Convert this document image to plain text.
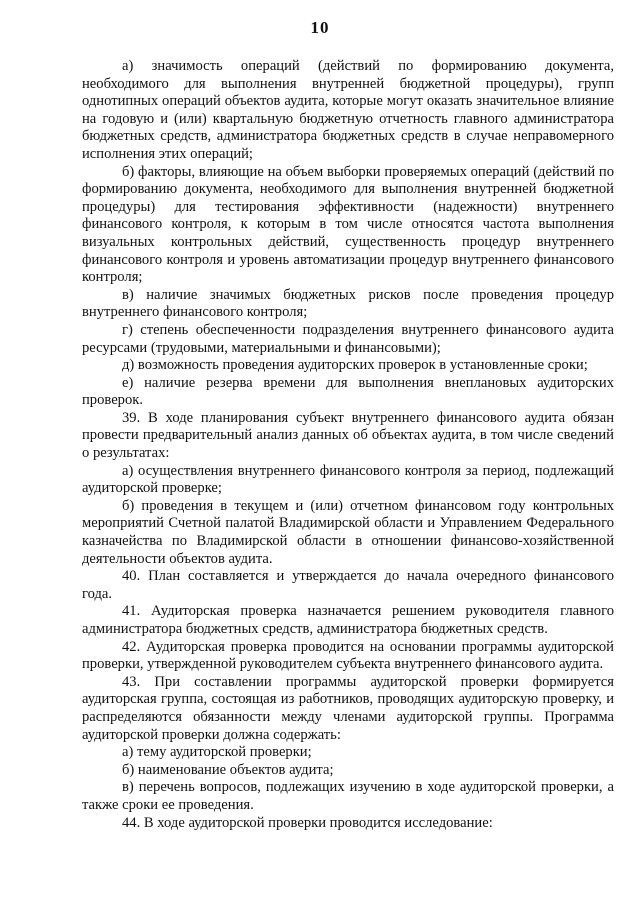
10

а) значимость операций (действий по формированию документа, необходимого для выполнения внутренней бюджетной процедуры), групп однотипных операций объектов аудита, которые могут оказать значительное влияние на годовую и (или) квартальную бюджетную отчетность главного администратора бюджетных средств, администратора бюджетных средств в случае неправомерного исполнения этих операций;

б) факторы, влияющие на объем выборки проверяемых операций (действий по формированию документа, необходимого для выполнения внутренней бюджетной процедуры) для тестирования эффективности (надежности) внутреннего финансового контроля, к которым в том числе относятся частота выполнения визуальных контрольных действий, существенность процедур внутреннего финансового контроля и уровень автоматизации процедур внутреннего финансового контроля;

в) наличие значимых бюджетных рисков после проведения процедур внутреннего финансового контроля;

г) степень обеспеченности подразделения внутреннего финансового аудита ресурсами (трудовыми, материальными и финансовыми);

д) возможность проведения аудиторских проверок в установленные сроки;

е) наличие резерва времени для выполнения внеплановых аудиторских проверок.

39. В ходе планирования субъект внутреннего финансового аудита обязан провести предварительный анализ данных об объектах аудита, в том числе сведений о результатах:

а) осуществления внутреннего финансового контроля за период, подлежащий аудиторской проверке;

б) проведения в текущем и (или) отчетном финансовом году контрольных мероприятий Счетной палатой Владимирской области и Управлением Федерального казначейства по Владимирской области в отношении финансово-хозяйственной деятельности объектов аудита.

40. План составляется и утверждается до начала очередного финансового года.

41. Аудиторская проверка назначается решением руководителя главного администратора бюджетных средств, администратора бюджетных средств.

42. Аудиторская проверка проводится на основании программы аудиторской проверки, утвержденной руководителем субъекта внутреннего финансового аудита.

43. При составлении программы аудиторской проверки формируется аудиторская группа, состоящая из работников, проводящих аудиторскую проверку, и распределяются обязанности между членами аудиторской группы. Программа аудиторской проверки должна содержать:

а) тему аудиторской проверки;

б) наименование объектов аудита;

в) перечень вопросов, подлежащих изучению в ходе аудиторской проверки, а также сроки ее проведения.

44. В ходе аудиторской проверки проводится исследование:
